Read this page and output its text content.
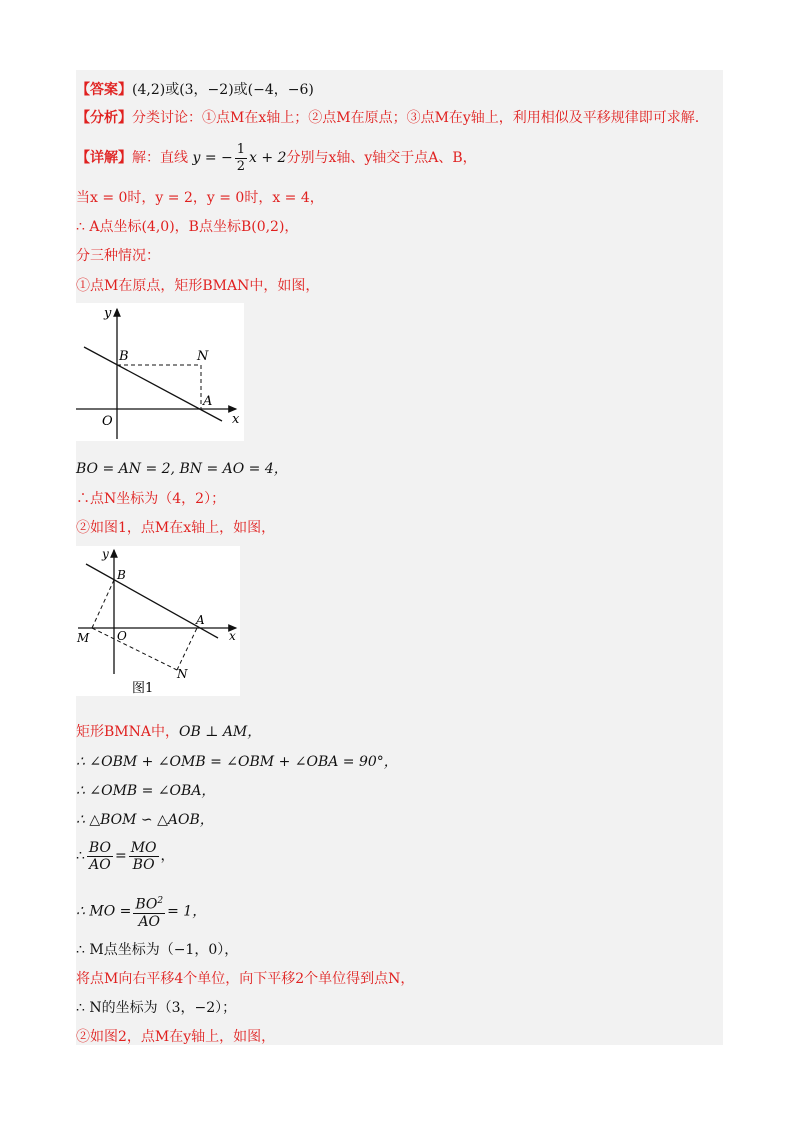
【答案】(4,2)或(3，−2)或(−4，−6)
【分析】分类讨论：①点M在x轴上；②点M在原点；③点M在y轴上，利用相似及平移规律即可求解.
【详解】解：直线 y = − $\frac{1}{2}$ x + 2分别与x轴、y轴交于点A、B，
当x = 0时，y = 2，y = 0时，x = 4，
∴ A点坐标(4,0)，B点坐标B(0,2)，
分三种情况：
①点M在原点，矩形BMAN中，如图，
y
x
O
B	N
A
BO = AN = 2, BN = AO = 4，
∴点N坐标为（4，2）；
②如图1，点M在x轴上，如图，
y
x
O
B
M
A
N
图1
矩形BMNA中，OB ⊥ AM，
∴ ∠OBM + ∠OMB = ∠OBM + ∠OBA = 90°，
∴ ∠OMB = ∠OBA，
∴ △BOM ∽ △AOB，
∴ $\frac{BO}{AO} = \frac{MO}{BO}$ ，
∴ MO = $\frac{BO^2}{AO} = 1$，
∴ M点坐标为（−1，0），
将点M向右平移4个单位，向下平移2个单位得到点N，
∴ N的坐标为（3，−2）；
②如图2，点M在y轴上，如图，
